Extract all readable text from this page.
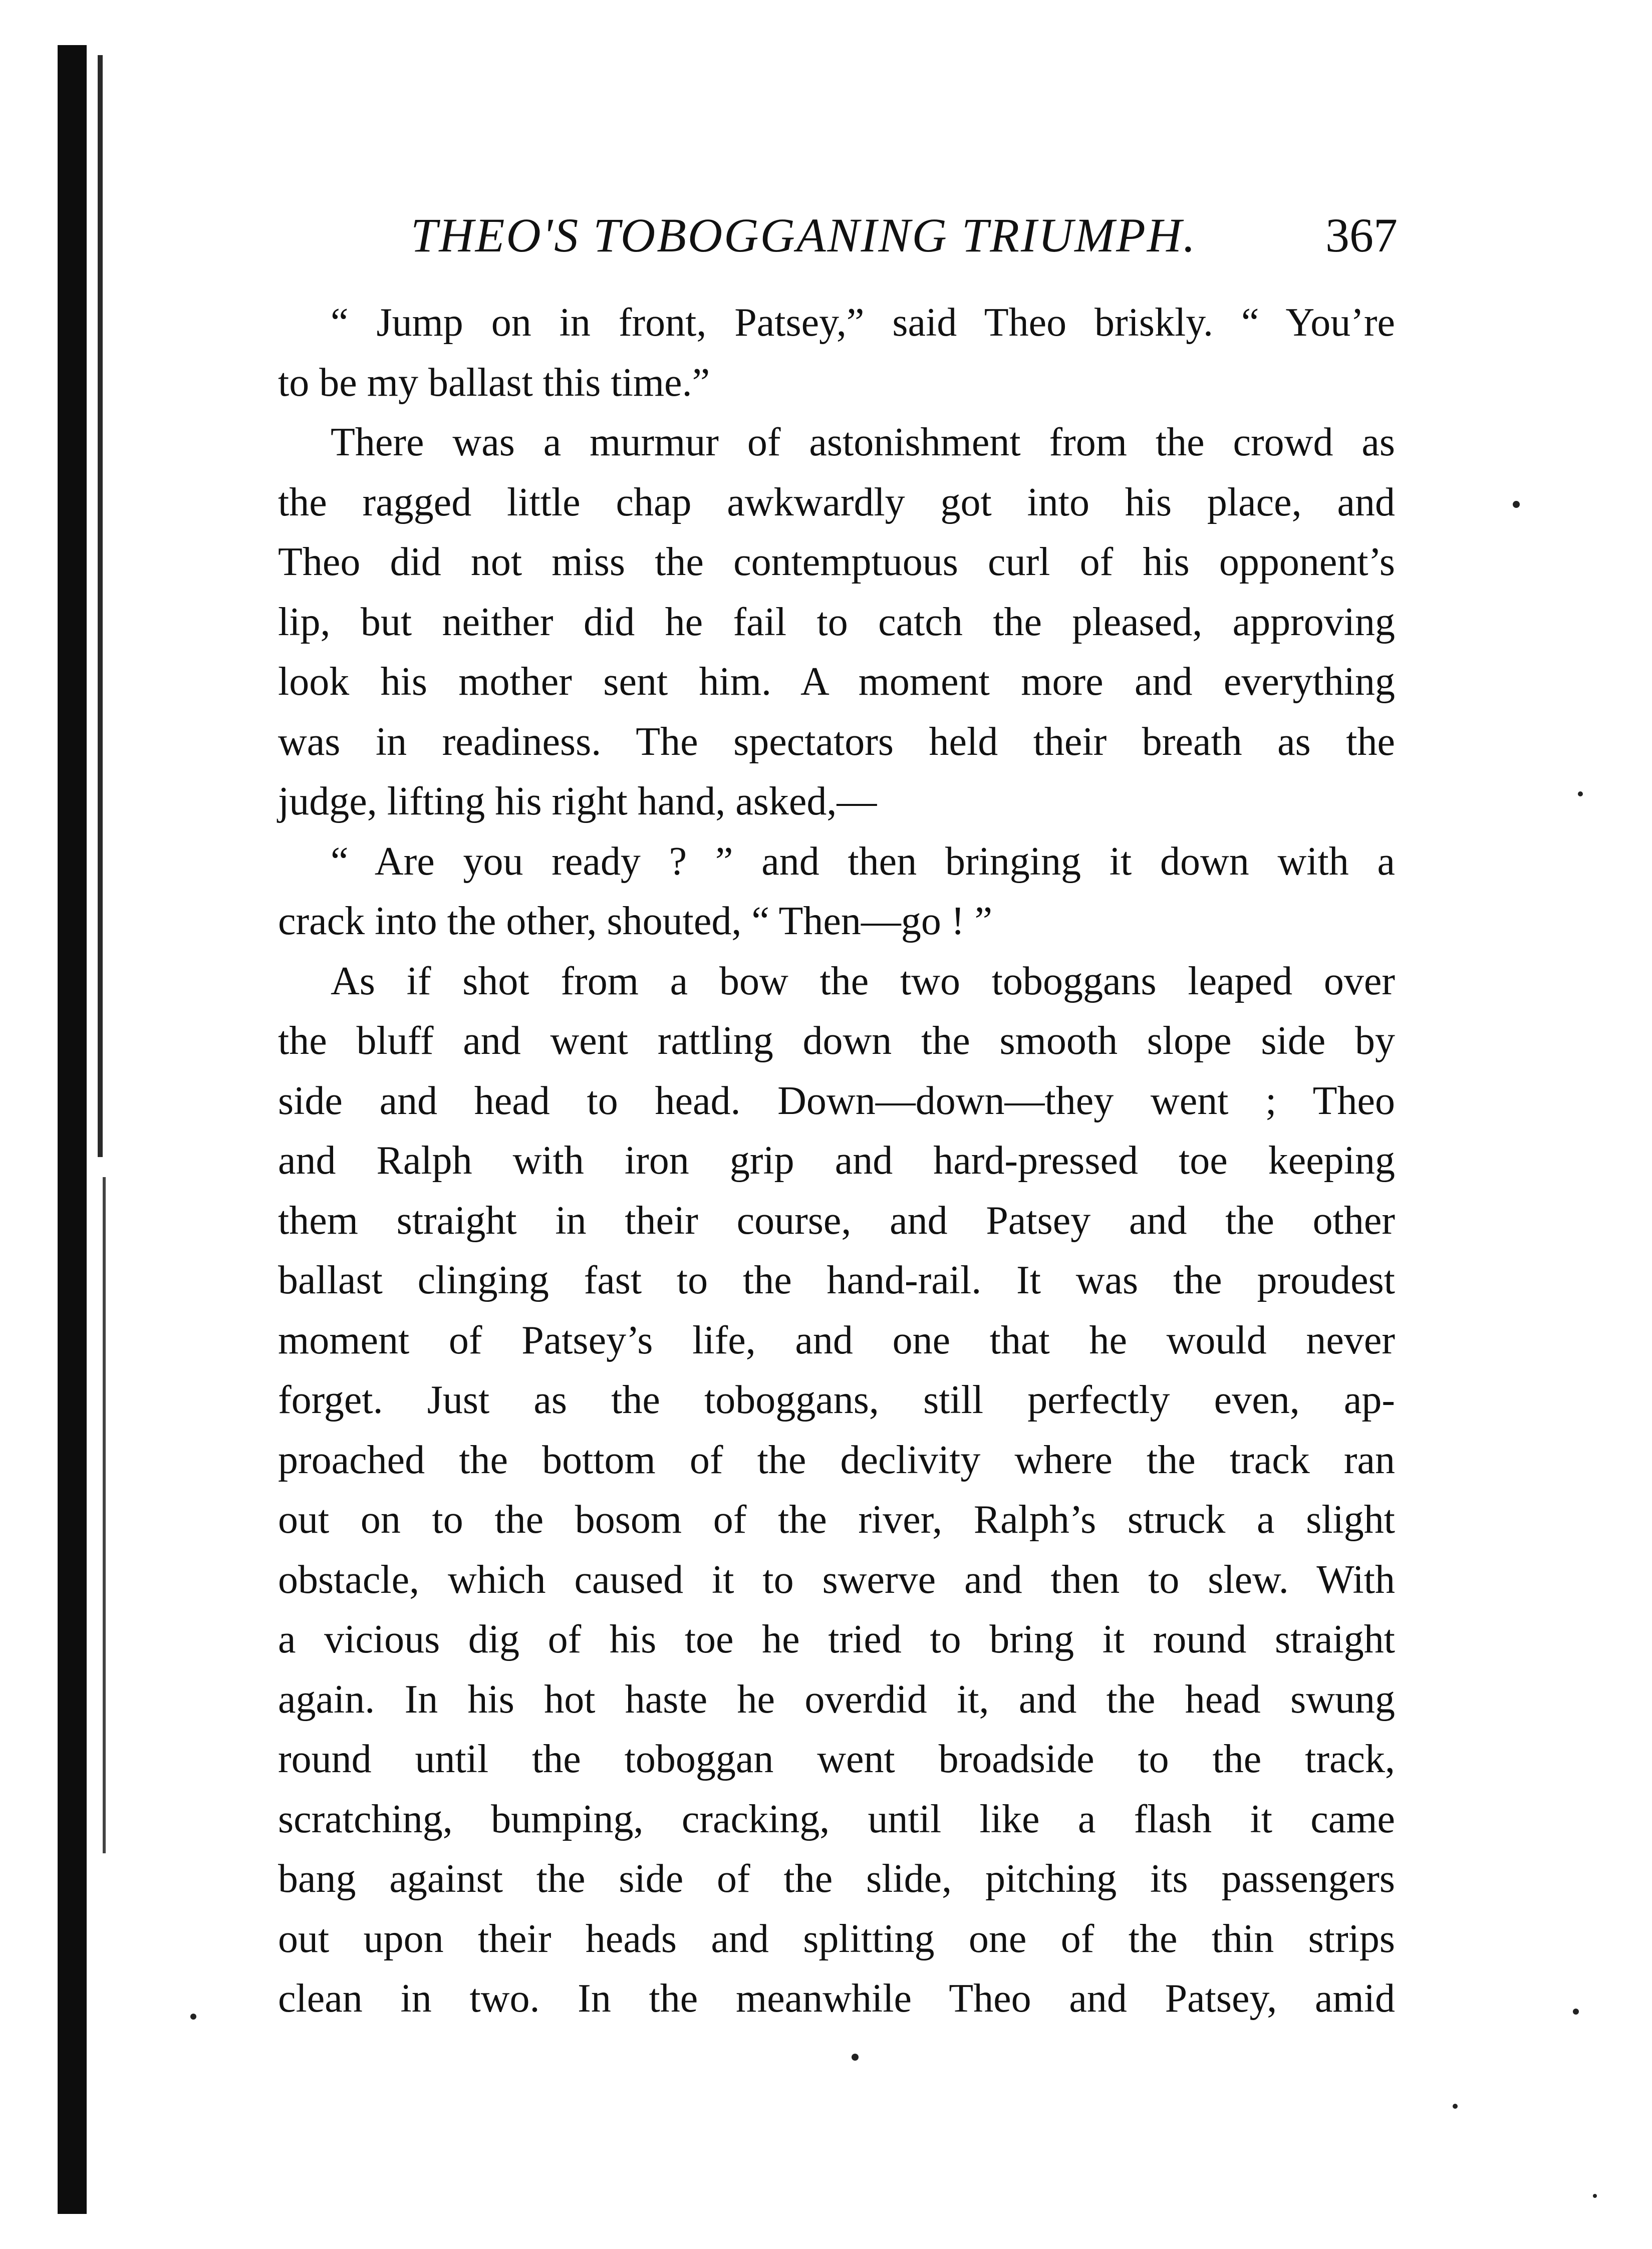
THEO'S TOBOGGANING TRIUMPH.	367
“ Jump on in front, Patsey,” said Theo briskly. “ You’re
to be my ballast this time.”
There was a murmur of astonishment from the crowd as
the ragged little chap awkwardly got into his place, and
Theo did not miss the contemptuous curl of his opponent’s
lip, but neither did he fail to catch the pleased, approving
look his mother sent him. A moment more and everything
was in readiness. The spectators held their breath as the
judge, lifting his right hand, asked,—
“ Are you ready ? ” and then bringing it down with a
crack into the other, shouted, “ Then—go ! ”
As if shot from a bow the two toboggans leaped over
the bluff and went rattling down the smooth slope side by
side and head to head. Down—down—they went ; Theo
and Ralph with iron grip and hard-pressed toe keeping
them straight in their course, and Patsey and the other
ballast clinging fast to the hand-rail. It was the proudest
moment of Patsey’s life, and one that he would never
forget. Just as the toboggans, still perfectly even, ap-
proached the bottom of the declivity where the track ran
out on to the bosom of the river, Ralph’s struck a slight
obstacle, which caused it to swerve and then to slew. With
a vicious dig of his toe he tried to bring it round straight
again. In his hot haste he overdid it, and the head swung
round until the toboggan went broadside to the track,
scratching, bumping, cracking, until like a flash it came
bang against the side of the slide, pitching its passengers
out upon their heads and splitting one of the thin strips
clean in two. In the meanwhile Theo and Patsey, amid
